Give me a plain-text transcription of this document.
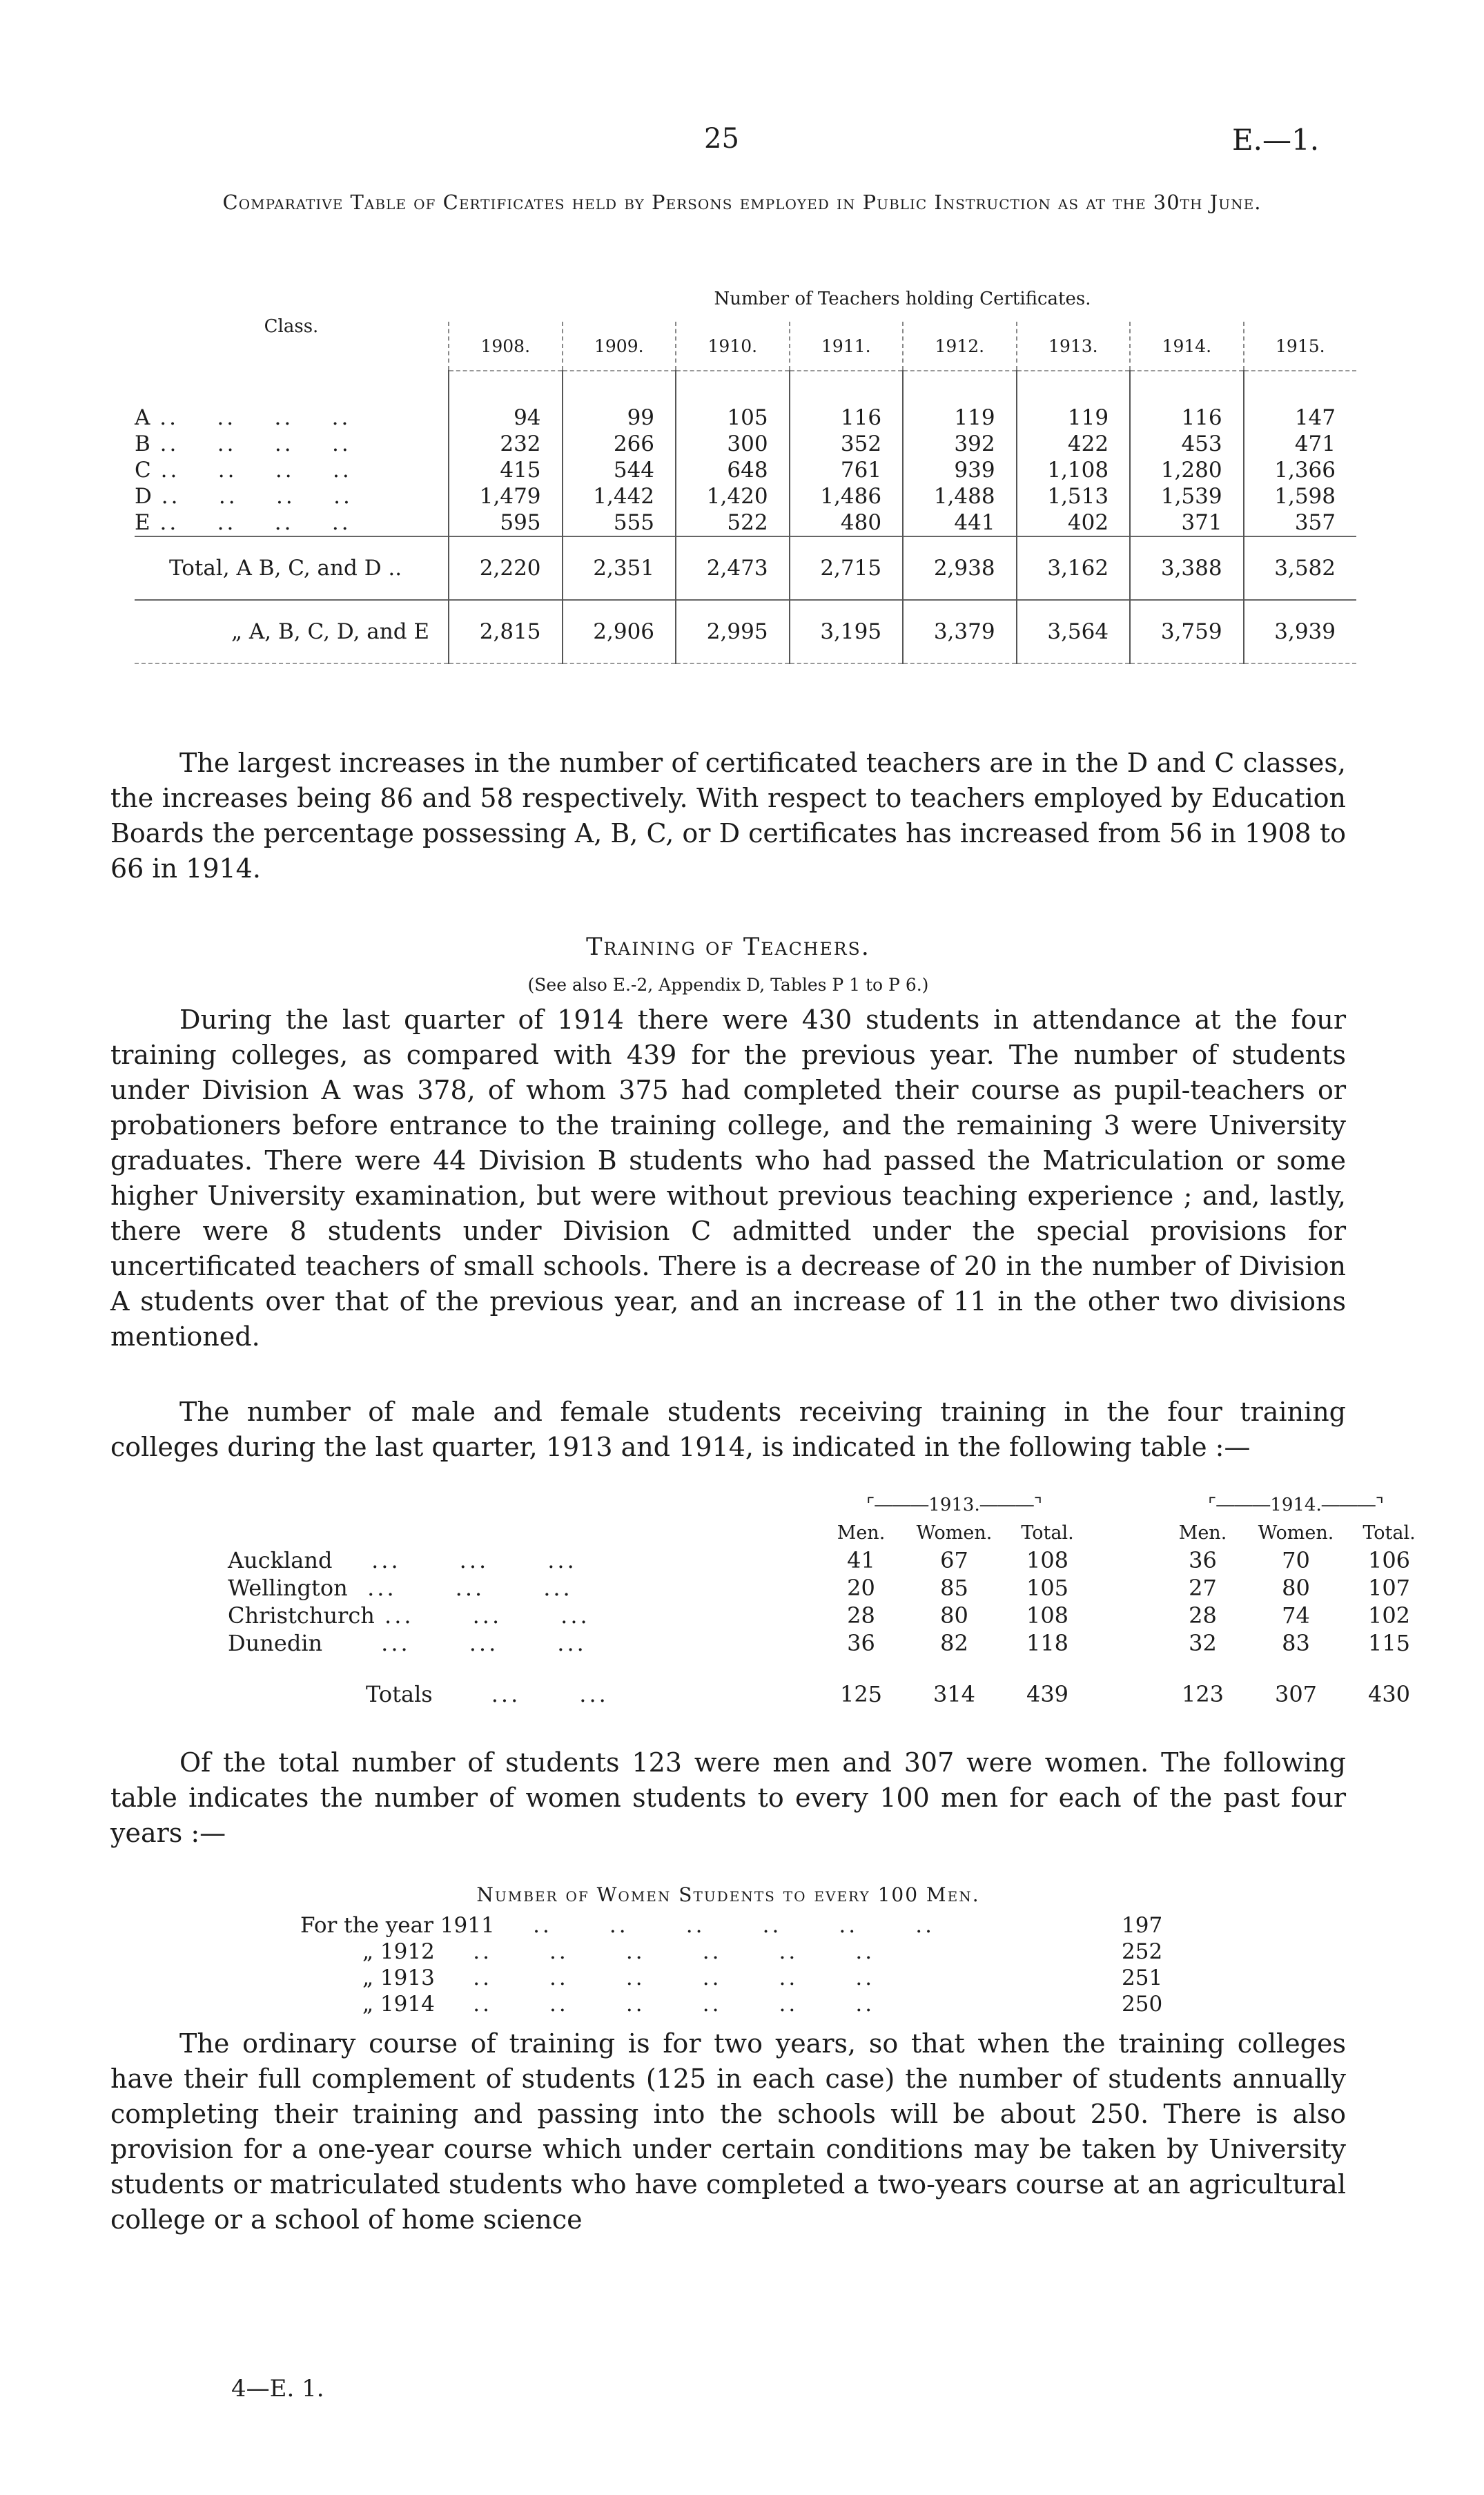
25	E.—1.
Comparative Table of Certificates held by Persons employed in Public Instruction as at the 30th June.
Class.	Number of Teachers holding Certificates.							
	1908.	1909.	1910.	1911.	1912.	1913.	1914.	1915.
A ..    ..    ..    ..	94	99	105	116	119	119	116	147
B ..    ..    ..    ..	232	266	300	352	392	422	453	471
C ..    ..    ..    ..	415	544	648	761	939	1,108	1,280	1,366
D ..    ..    ..    ..	1,479	1,442	1,420	1,486	1,488	1,513	1,539	1,598
E ..    ..    ..    ..	595	555	522	480	441	402	371	357
Total, A B, C, and D ..	2,220	2,351	2,473	2,715	2,938	3,162	3,388	3,582
„ A, B, C, D, and E	2,815	2,906	2,995	3,195	3,379	3,564	3,759	3,939

The largest increases in the number of certificated teachers are in the D and C classes, the increases being 86 and 58 respectively. With respect to teachers employed by Education Boards the percentage possessing A, B, C, or D certificates has increased from 56 in 1908 to 66 in 1914.

Training of Teachers.
(See also E.-2, Appendix D, Tables P 1 to P 6.)

During the last quarter of 1914 there were 430 students in attendance at the four training colleges, as compared with 439 for the previous year. The number of students under Division A was 378, of whom 375 had completed their course as pupil-teachers or probationers before entrance to the training college, and the remaining 3 were University graduates. There were 44 Division B students who had passed the Matriculation or some higher University examination, but were without previous teaching experience ; and, lastly, there were 8 students under Division C admitted under the special provisions for uncertificated teachers of small schools. There is a decrease of 20 in the number of Division A students over that of the previous year, and an increase of 11 in the other two divisions mentioned.

The number of male and female students receiving training in the four training colleges during the last quarter, 1913 and 1914, is indicated in the following table :—

	⌜―――1913.―――⌝				⌜―――1914.―――⌝		
	Men.	Women.	Total.		Men.	Women.	Total.
Auckland    ...      ...      ...	41	67	108		36	70	106
Wellington  ...      ...      ...	20	85	105		27	80	107
Christchurch ...      ...      ...	28	80	108		28	74	102
Dunedin      ...      ...      ...	36	82	118		32	83	115
Totals      ...      ...	125	314	439		123	307	430

Of the total number of students 123 were men and 307 were women. The following table indicates the number of women students to every 100 men for each of the past four years :—

Number of Women Students to every 100 Men.
For the year 1911    ..      ..      ..      ..      ..      ..	197
„ 1912    ..      ..      ..      ..      ..      ..	252
„ 1913    ..      ..      ..      ..      ..      ..	251
„ 1914    ..      ..      ..      ..      ..      ..	250

The ordinary course of training is for two years, so that when the training colleges have their full complement of students (125 in each case) the number of students annually completing their training and passing into the schools will be about 250. There is also provision for a one-year course which under certain conditions may be taken by University students or matriculated students who have completed a two-years course at an agricultural college or a school of home science

4—E. 1.
